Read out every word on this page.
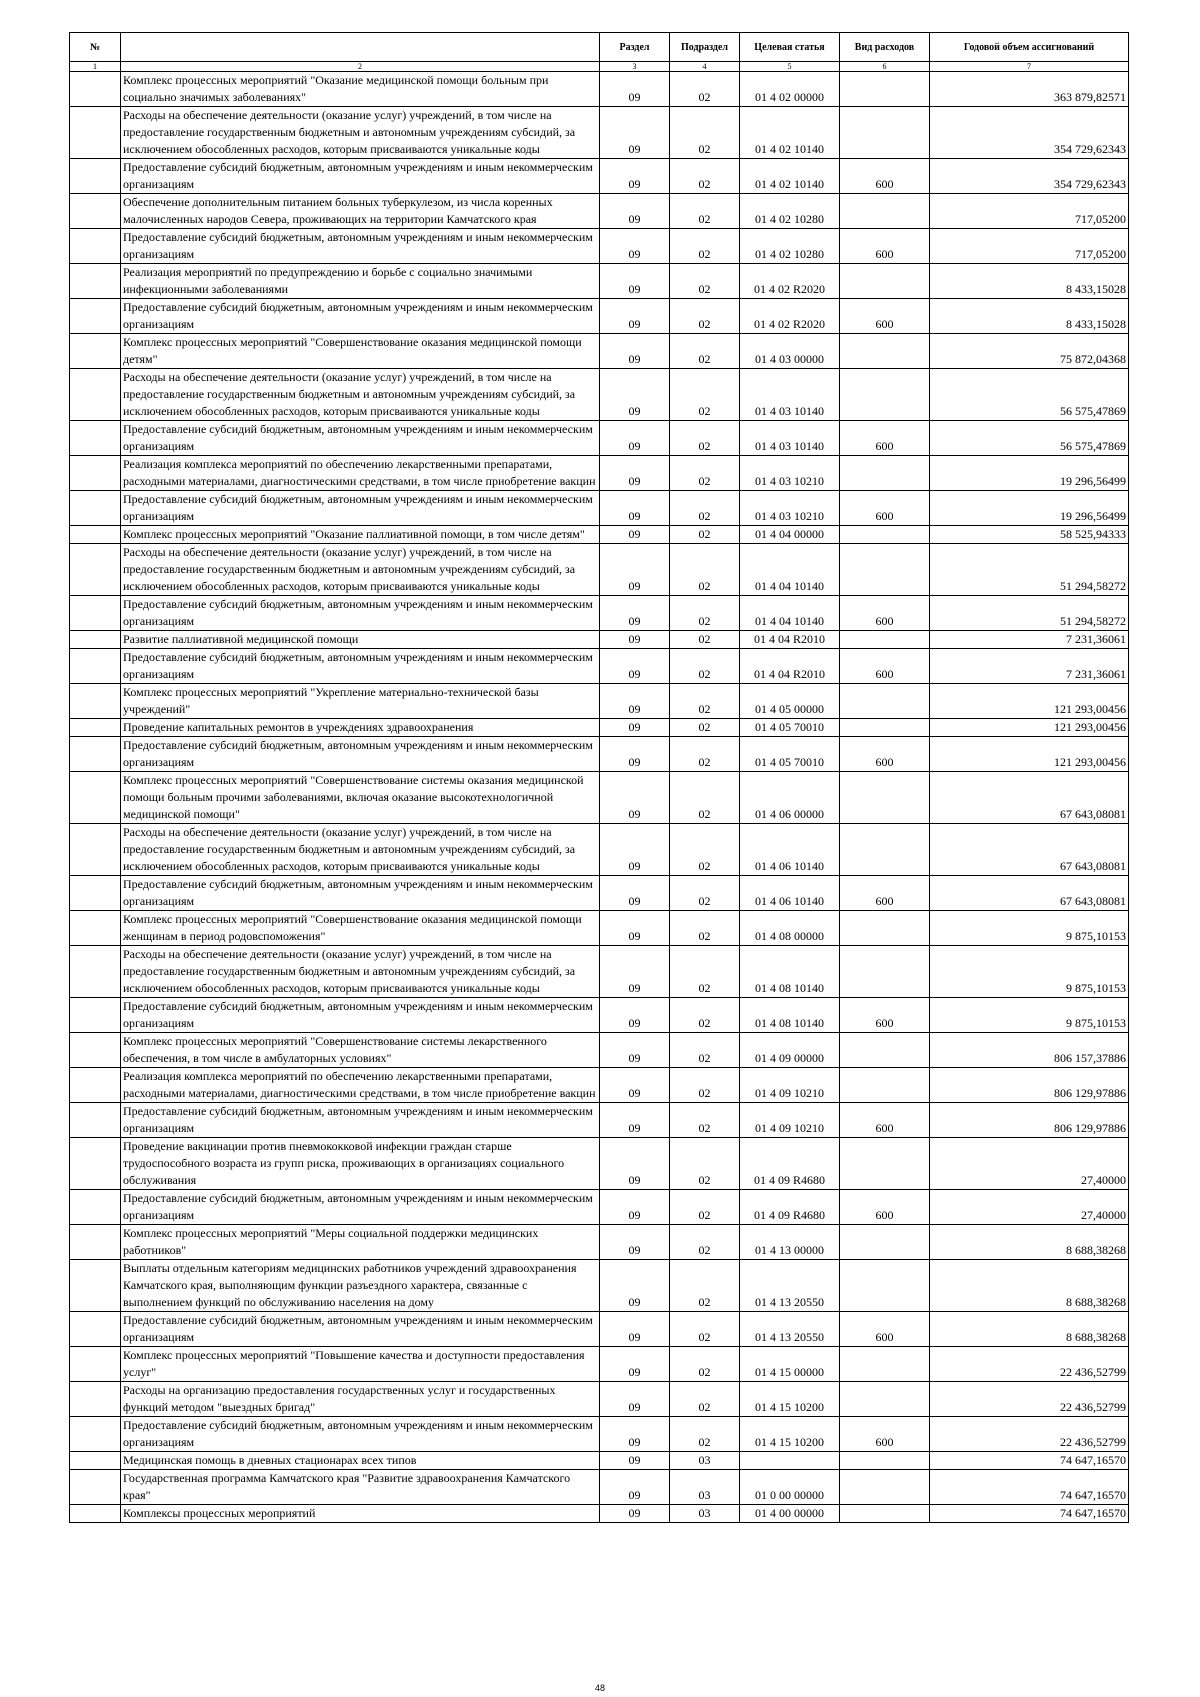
№		Раздел	Подраздел	Целевая статья	Вид расходов	Годовой объем ассигнований
1	2	3	4	5	6	7
	Комплекс процессных мероприятий "Оказание медицинской помощи больным при социально значимых заболеваниях"	09	02	01 4 02 00000		363 879,82571
	Расходы на обеспечение деятельности (оказание услуг) учреждений, в том числе на предоставление государственным бюджетным и автономным учреждениям субсидий, за исключением обособленных расходов, которым присваиваются уникальные коды	09	02	01 4 02 10140		354 729,62343
	Предоставление субсидий бюджетным, автономным учреждениям и иным некоммерческим организациям	09	02	01 4 02 10140	600	354 729,62343
	Обеспечение дополнительным питанием больных туберкулезом, из числа коренных малочисленных народов Севера, проживающих на территории Камчатского края	09	02	01 4 02 10280		717,05200
	Предоставление субсидий бюджетным, автономным учреждениям и иным некоммерческим организациям	09	02	01 4 02 10280	600	717,05200
	Реализация мероприятий по предупреждению и борьбе с социально значимыми инфекционными заболеваниями	09	02	01 4 02 R2020		8 433,15028
	Предоставление субсидий бюджетным, автономным учреждениям и иным некоммерческим организациям	09	02	01 4 02 R2020	600	8 433,15028
	Комплекс процессных мероприятий "Совершенствование оказания медицинской помощи детям"	09	02	01 4 03 00000		75 872,04368
	Расходы на обеспечение деятельности (оказание услуг) учреждений, в том числе на предоставление государственным бюджетным и автономным учреждениям субсидий, за исключением обособленных расходов, которым присваиваются уникальные коды	09	02	01 4 03 10140		56 575,47869
	Предоставление субсидий бюджетным, автономным учреждениям и иным некоммерческим организациям	09	02	01 4 03 10140	600	56 575,47869
	Реализация комплекса мероприятий по обеспечению лекарственными препаратами, расходными материалами, диагностическими средствами, в том числе приобретение вакцин	09	02	01 4 03 10210		19 296,56499
	Предоставление субсидий бюджетным, автономным учреждениям и иным некоммерческим организациям	09	02	01 4 03 10210	600	19 296,56499
	Комплекс процессных мероприятий "Оказание паллиативной помощи, в том числе детям"	09	02	01 4 04 00000		58 525,94333
	Расходы на обеспечение деятельности (оказание услуг) учреждений, в том числе на предоставление государственным бюджетным и автономным учреждениям субсидий, за исключением обособленных расходов, которым присваиваются уникальные коды	09	02	01 4 04 10140		51 294,58272
	Предоставление субсидий бюджетным, автономным учреждениям и иным некоммерческим организациям	09	02	01 4 04 10140	600	51 294,58272
	Развитие паллиативной медицинской помощи	09	02	01 4 04 R2010		7 231,36061
	Предоставление субсидий бюджетным, автономным учреждениям и иным некоммерческим организациям	09	02	01 4 04 R2010	600	7 231,36061
	Комплекс процессных мероприятий "Укрепление материально-технической базы учреждений"	09	02	01 4 05 00000		121 293,00456
	Проведение капитальных ремонтов в учреждениях здравоохранения	09	02	01 4 05 70010		121 293,00456
	Предоставление субсидий бюджетным, автономным учреждениям и иным некоммерческим организациям	09	02	01 4 05 70010	600	121 293,00456
	Комплекс процессных мероприятий "Совершенствование системы оказания медицинской помощи больным прочими заболеваниями, включая оказание высокотехнологичной медицинской помощи"	09	02	01 4 06 00000		67 643,08081
	Расходы на обеспечение деятельности (оказание услуг) учреждений, в том числе на предоставление государственным бюджетным и автономным учреждениям субсидий, за исключением обособленных расходов, которым присваиваются уникальные коды	09	02	01 4 06 10140		67 643,08081
	Предоставление субсидий бюджетным, автономным учреждениям и иным некоммерческим организациям	09	02	01 4 06 10140	600	67 643,08081
	Комплекс процессных мероприятий "Совершенствование оказания медицинской помощи женщинам в период родовспоможения"	09	02	01 4 08 00000		9 875,10153
	Расходы на обеспечение деятельности (оказание услуг) учреждений, в том числе на предоставление государственным бюджетным и автономным учреждениям субсидий, за исключением обособленных расходов, которым присваиваются уникальные коды	09	02	01 4 08 10140		9 875,10153
	Предоставление субсидий бюджетным, автономным учреждениям и иным некоммерческим организациям	09	02	01 4 08 10140	600	9 875,10153
	Комплекс процессных мероприятий "Совершенствование системы лекарственного обеспечения, в том числе в амбулаторных условиях"	09	02	01 4 09 00000		806 157,37886
	Реализация комплекса мероприятий по обеспечению лекарственными препаратами, расходными материалами, диагностическими средствами, в том числе приобретение вакцин	09	02	01 4 09 10210		806 129,97886
	Предоставление субсидий бюджетным, автономным учреждениям и иным некоммерческим организациям	09	02	01 4 09 10210	600	806 129,97886
	Проведение вакцинации против пневмококковой инфекции граждан старше трудоспособного возраста из групп риска, проживающих в организациях социального обслуживания	09	02	01 4 09 R4680		27,40000
	Предоставление субсидий бюджетным, автономным учреждениям и иным некоммерческим организациям	09	02	01 4 09 R4680	600	27,40000
	Комплекс процессных мероприятий "Меры социальной поддержки медицинских работников"	09	02	01 4 13 00000		8 688,38268
	Выплаты отдельным категориям медицинских работников учреждений здравоохранения Камчатского края, выполняющим функции разъездного характера, связанные с выполнением функций по обслуживанию населения на дому	09	02	01 4 13 20550		8 688,38268
	Предоставление субсидий бюджетным, автономным учреждениям и иным некоммерческим организациям	09	02	01 4 13 20550	600	8 688,38268
	Комплекс процессных мероприятий "Повышение качества и доступности предоставления услуг"	09	02	01 4 15 00000		22 436,52799
	Расходы на организацию предоставления государственных услуг и государственных функций методом "выездных бригад"	09	02	01 4 15 10200		22 436,52799
	Предоставление субсидий бюджетным, автономным учреждениям и иным некоммерческим организациям	09	02	01 4 15 10200	600	22 436,52799
	Медицинская помощь в дневных стационарах всех типов	09	03			74 647,16570
	Государственная программа Камчатского края "Развитие здравоохранения Камчатского края"	09	03	01 0 00 00000		74 647,16570
	Комплексы процессных мероприятий	09	03	01 4 00 00000		74 647,16570
48
